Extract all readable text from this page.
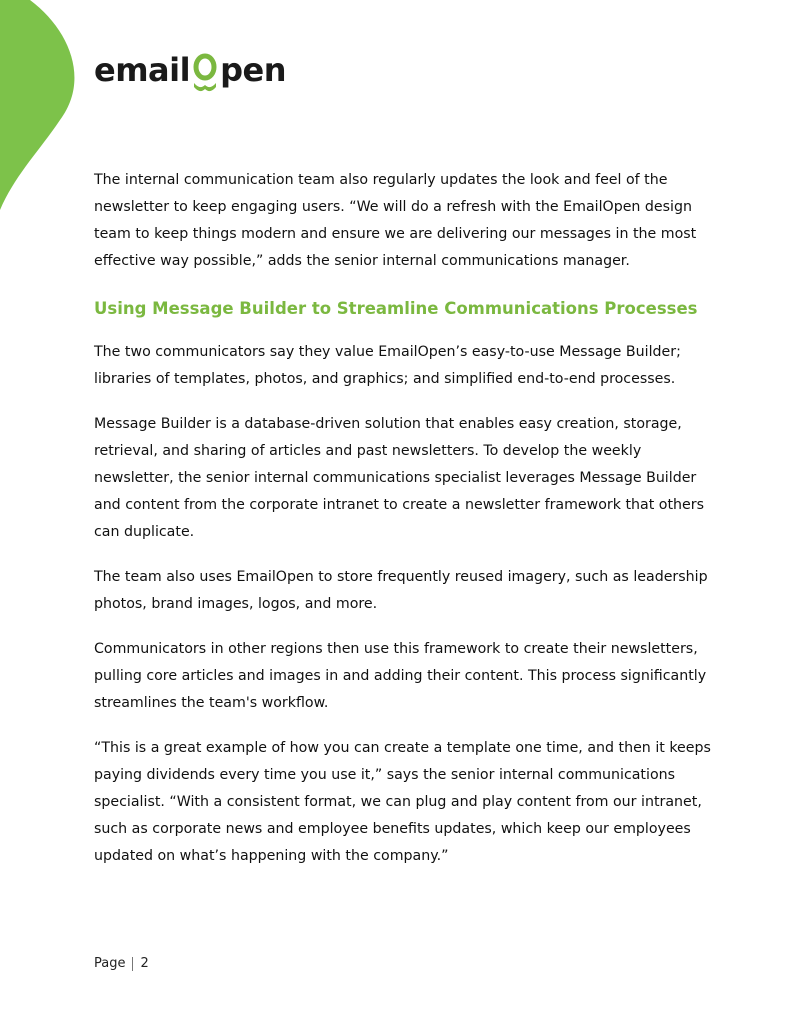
email pen

The internal communication team also regularly updates the look and feel of the newsletter to keep engaging users. “We will do a refresh with the EmailOpen design team to keep things modern and ensure we are delivering our messages in the most effective way possible,” adds the senior internal communications manager.

Using Message Builder to Streamline Communications Processes

The two communicators say they value EmailOpen’s easy-to-use Message Builder; libraries of templates, photos, and graphics; and simplified end-to-end processes.

Message Builder is a database-driven solution that enables easy creation, storage, retrieval, and sharing of articles and past newsletters. To develop the weekly newsletter, the senior internal communications specialist leverages Message Builder and content from the corporate intranet to create a newsletter framework that others can duplicate.

The team also uses EmailOpen to store frequently reused imagery, such as leadership photos, brand images, logos, and more.

Communicators in other regions then use this framework to create their newsletters, pulling core articles and images in and adding their content. This process significantly streamlines the team's workflow.

“This is a great example of how you can create a template one time, and then it keeps paying dividends every time you use it,” says the senior internal communications specialist. “With a consistent format, we can plug and play content from our intranet, such as corporate news and employee benefits updates, which keep our employees updated on what’s happening with the company.”

Page 2
